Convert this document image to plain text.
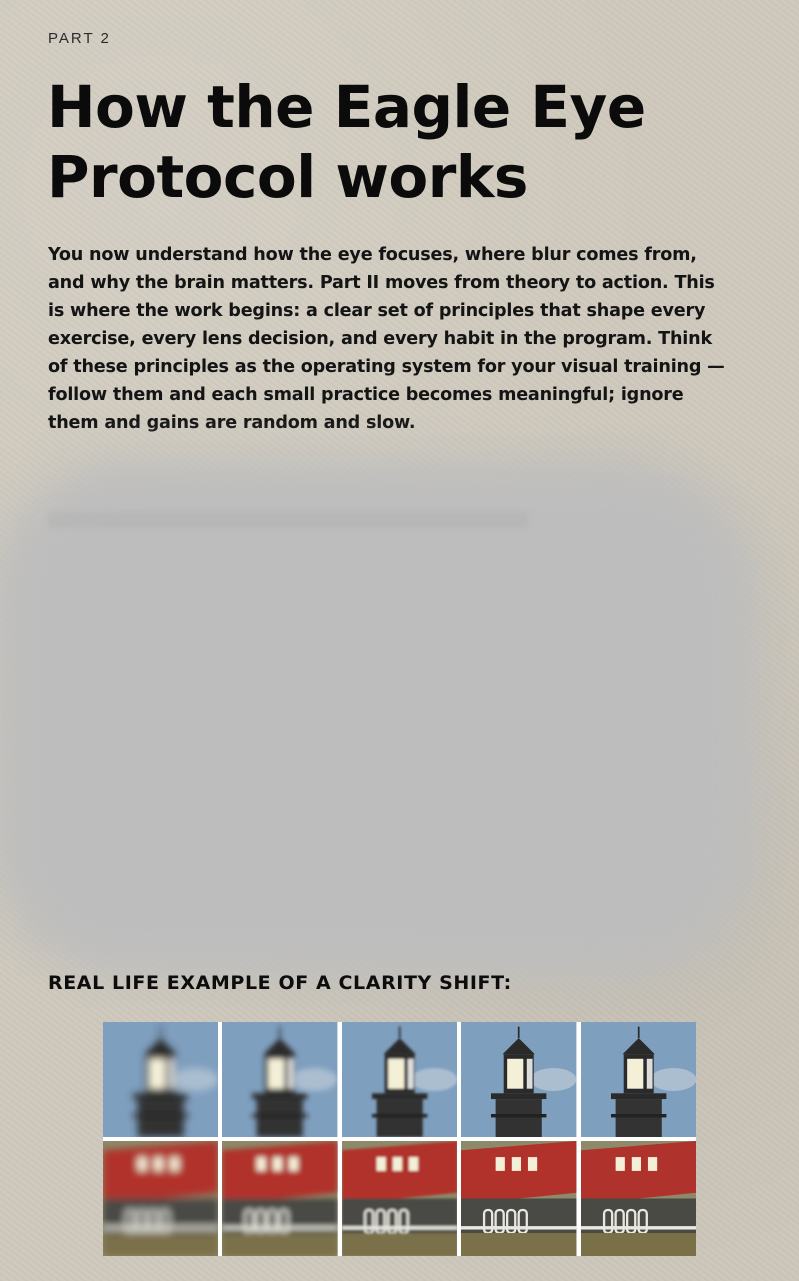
PART 2
How the Eagle Eye Protocol works

You now understand how the eye focuses, where blur comes from, and why the brain matters. Part II moves from theory to action. This is where the work begins: a clear set of principles that shape every exercise, every lens decision, and every habit in the program. Think of these principles as the operating system for your visual training — follow them and each small practice becomes meaningful; ignore them and gains are random and slow.

REAL LIFE EXAMPLE OF A CLARITY SHIFT:
